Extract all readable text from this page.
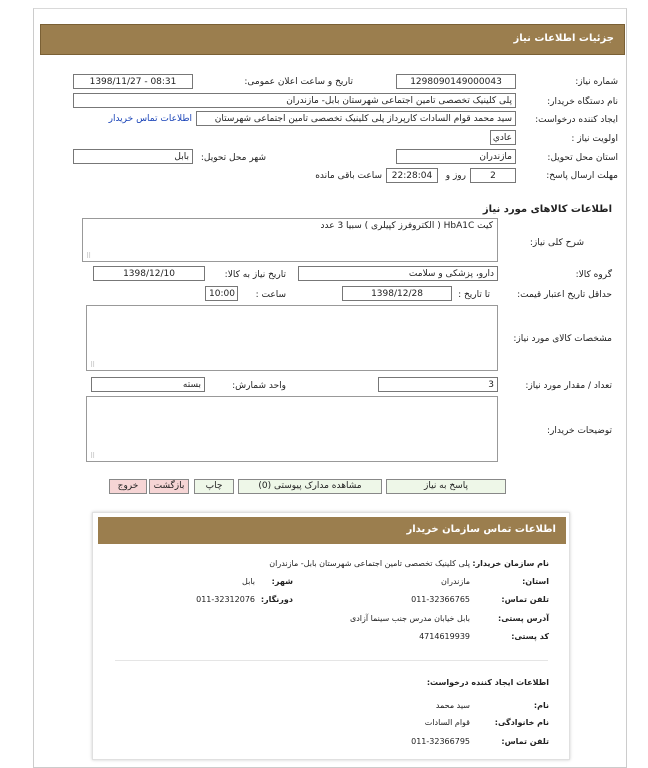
جزئیات اطلاعات نیاز
شماره نیاز:
1298090149000043
تاریخ و ساعت اعلان عمومی:
1398/11/27 - 08:31
نام دستگاه خریدار:
پلی کلینیک تخصصی تامین اجتماعی شهرستان بابل- مازندران
ایجاد کننده درخواست:
سید محمد قوام السادات کارپرداز پلی کلینیک تخصصی تامین اجتماعی شهرستان
اطلاعات تماس خریدار
اولویت نیاز :
عادي
استان محل تحویل:
مازندران
شهر محل تحویل:
بابل
مهلت ارسال پاسخ:
2
روز و
22:28:04
ساعت باقی مانده
اطلاعات کالاهای مورد نیاز
شرح کلی نیاز:
کیت HbA1C ( الکتروفرز کپیلری ) سبیا 3 عدد
⠿
گروه کالا:
دارو، پزشکی و سلامت
تاریخ نیاز به کالا:
1398/12/10
حداقل تاریخ اعتبار قیمت:
تا تاریخ :
1398/12/28
ساعت :
10:00
مشخصات کالای مورد نیاز:
⠿
تعداد / مقدار مورد نیاز:
3
واحد شمارش:
بسته
توضیحات خریدار:
⠿
پاسخ به نیاز
مشاهده مدارک پیوستی (0)
چاپ
بازگشت
خروج
اطلاعات تماس سازمان خریدار
نام سازمان خریدار:
پلی کلینیک تخصصی تامین اجتماعی شهرستان بابل- مازندران
استان:
مازندران
شهر:
بابل
تلفن تماس:
011-32366765
دورنگار:
011-32312076
آدرس پستی:
بابل خیابان مدرس جنب سینما آزادی
کد پستی:
4714619939
اطلاعات ایجاد کننده درخواست:
نام:
سید محمد
نام خانوادگی:
قوام السادات
تلفن تماس:
011-32366795
